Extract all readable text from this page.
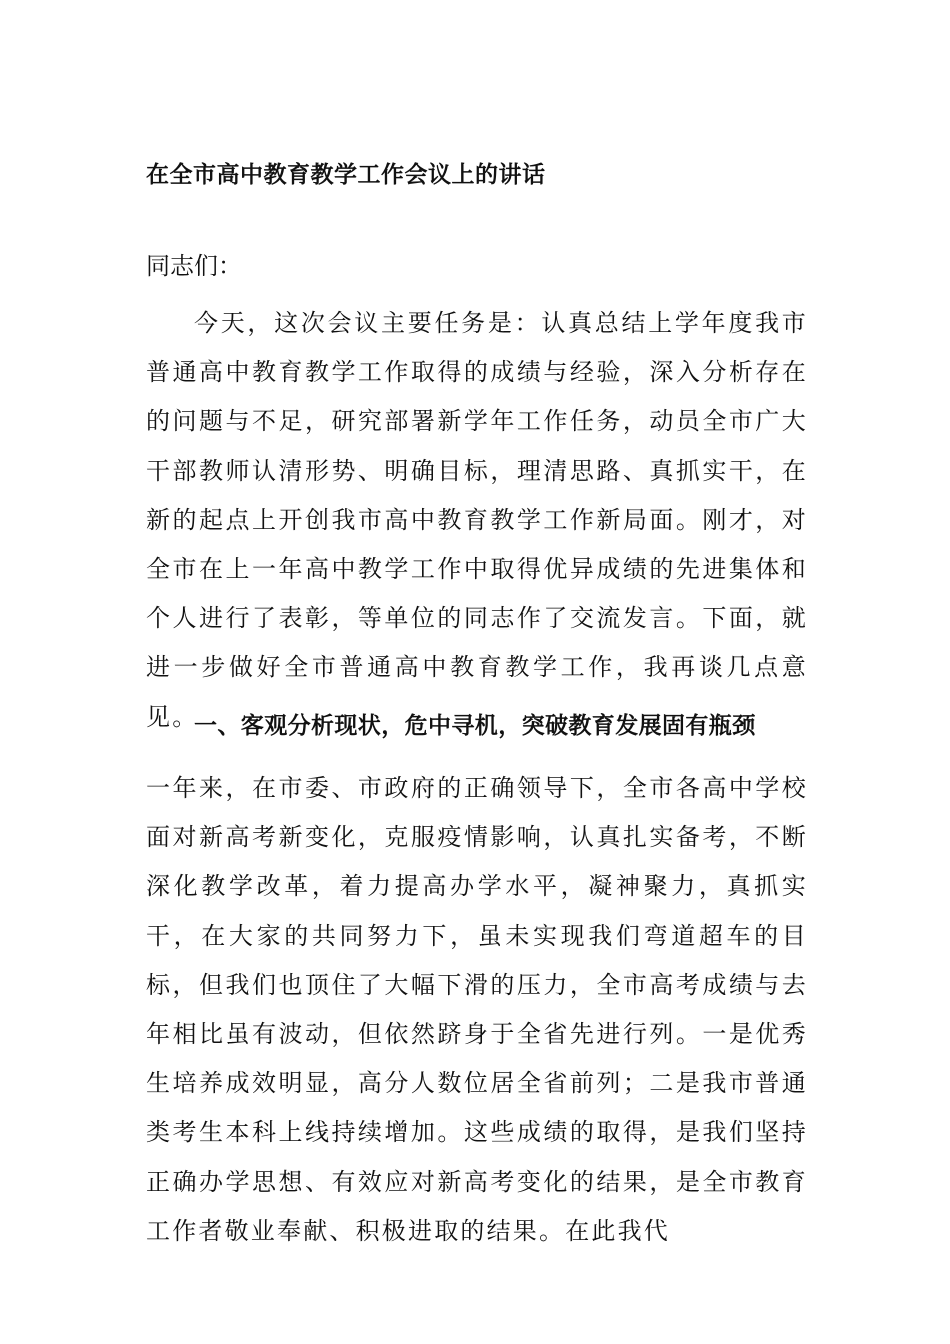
在全市高中教育教学工作会议上的讲话
同志们：

今天，这次会议主要任务是：认真总结上学年度我市普通高中教育教学工作取得的成绩与经验，深入分析存在的问题与不足，研究部署新学年工作任务，动员全市广大干部教师认清形势、明确目标，理清思路、真抓实干，在新的起点上开创我市高中教育教学工作新局面。刚才，对全市在上一年高中教学工作中取得优异成绩的先进集体和个人进行了表彰，等单位的同志作了交流发言。下面，就进一步做好全市普通高中教育教学工作，我再谈几点意见。

一、客观分析现状，危中寻机，突破教育发展固有瓶颈

一年来，在市委、市政府的正确领导下，全市各高中学校面对新高考新变化，克服疫情影响，认真扎实备考，不断深化教学改革，着力提高办学水平，凝神聚力，真抓实干，在大家的共同努力下，虽未实现我们弯道超车的目标，但我们也顶住了大幅下滑的压力，全市高考成绩与去年相比虽有波动，但依然跻身于全省先进行列。一是优秀生培养成效明显，高分人数位居全省前列；二是我市普通类考生本科上线持续增加。这些成绩的取得，是我们坚持正确办学思想、有效应对新高考变化的结果，是全市教育工作者敬业奉献、积极进取的结果。在此我代
